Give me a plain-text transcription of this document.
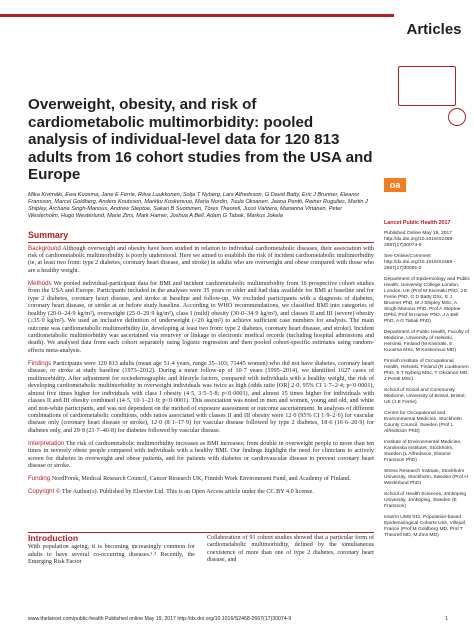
Articles
oa

Lancet Public Health 2017

Published Online May 19, 2017 http://dx.doi.org/10.1016/S2468-2667(17)30074-9

See Online/Comment http://dx.doi.org/10.1016/S2468-2667(17)30091-2

Department of Epidemiology and Public Health, University College London, London, UK (Prof M Kivimäki PhD, J E Ferrie PhD, G D Batty DSc, E J Brunner PhD, M J Shipley MSc, A Singh-Manoux PhD, Prof A Steptoe DPhil, Prof M Hamer PhD, J A Bell PhD, A G Tabak PhD)

Department of Public Health, Faculty of Medicine, University of Helsinki, Helsinki, Finland (M Kivimäki, E Kuosma MSc, M Koskenvuo MD)

Finnish Institute of Occupational Health, Helsinki, Finland (R Luukkonen PhD, S T Nyberg MSc, T Oksanen MD, J Pentti MSc)

School of Social and Community Medicine, University of Bristol, Bristol, UK (J E Ferrie)

Centre for Occupational and Environmental Medicine, Stockholm County Council, Sweden (Prof L Alfredsson PhD)

Institute of Environmental Medicine, Karolinska Institutet, Stockholm, Sweden (L Alfredsson, Eleanor Fransson PhD)

Stress Research Institute, Stockholm University, Stockholm, Sweden (Prof H Westerlund PhD)

School of Health Sciences, Jönköping University, Jönköping, Sweden (E Fransson)

Inserm UMS 011, Population-based Epidemiological Cohorts Unit, Villejuif, France (Prof M Goldberg MD, Prof T Theorell MD, M Zins MD)

Overweight, obesity, and risk of cardiometabolic multimorbidity: pooled analysis of individual-level data for 120 813 adults from 16 cohort studies from the USA and Europe
Mika Kivimäki, Ewa Kuosma, Jane E Ferrie, Ritva Luukkonen, Solja T Nyberg, Lars Alfredsson, G David Batty, Eric J Brunner, Eleanor Fransson, Marcel Goldberg, Anders Knutsson, Markku Koskenvuo, Maria Nordin, Tuula Oksanen, Jaana Pentti, Reiner Rugulies, Martin J Shipley, Archana Singh-Manoux, Andrew Steptoe, Sakari B Suominen, Töres Theorell, Jussi Vahtera, Marianna Virtanen, Peter Westerholm, Hugo Westerlund, Marie Zins, Mark Hamer, Joshua A Bell, Adam G Tabak, Markus Jokela
Summary

Background Although overweight and obesity have been studied in relation to individual cardiometabolic diseases, their association with risk of cardiometabolic multimorbidity is poorly understood. Here we aimed to establish the risk of incident cardiometabolic multimorbidity (ie, at least two from: type 2 diabetes, coronary heart disease, and stroke) in adults who are overweight and obese compared with those who are a healthy weight.

Methods We pooled individual-participant data for BMI and incident cardiometabolic multimorbidity from 16 prospective cohort studies from the USA and Europe. Participants included in the analyses were 35 years or older and had data available for BMI at baseline and for type 2 diabetes, coronary heart disease, and stroke at baseline and follow-up. We excluded participants with a diagnosis of diabetes, coronary heart disease, or stroke at or before study baseline. According to WHO recommendations, we classified BMI into categories of healthy (20·0–24·9 kg/m²), overweight (25·0–29·9 kg/m²), class I (mild) obesity (30·0–34·9 kg/m²), and classes II and III (severe) obesity (≥35·0 kg/m²). We used an inclusive definition of underweight (<20 kg/m²) to achieve sufficient case numbers for analysis. The main outcome was cardiometabolic multimorbidity (ie, developing at least two from: type 2 diabetes, coronary heart disease, and stroke). Incident cardiometabolic multimorbidity was ascertained via resurvey or linkage to electronic medical records (including hospital admissions and death). We analysed data from each cohort separately using logistic regression and then pooled cohort-specific estimates using random-effects meta-analysis.

Findings Participants were 120 813 adults (mean age 51·4 years, range 35–103; 71445 women) who did not have diabetes, coronary heart disease, or stroke at study baseline (1973–2012). During a mean follow-up of 10·7 years (1995–2014), we identified 1627 cases of multimorbidity. After adjustment for sociodemographic and lifestyle factors, compared with individuals with a healthy weight, the risk of developing cardiometabolic multimorbidity in overweight individuals was twice as high (odds ratio [OR] 2·0, 95% CI 1·7–2·4; p<0·0001), almost five times higher for individuals with class I obesity (4·5, 3·5–5·8; p<0·0001), and almost 15 times higher for individuals with classes II and III obesity combined (14·5, 10·1–21·0; p<0·0001). This association was noted in men and women, young and old, and white and non-white participants, and was not dependent on the method of exposure assessment or outcome ascertainment. In analyses of different combinations of cardiometabolic conditions, odds ratios associated with classes II and III obesity were 12·0 (95% CI 1·9–2·6) for vascular disease only (coronary heart disease or stroke), 12·0 (8·1–17·9) for vascular disease followed by type 2 diabetes, 18·6 (16·6–20·9) for diabetes only, and 29·8 (21·7–40·8) for diabetes followed by vascular disease.

Interpretation The risk of cardiometabolic multimorbidity increases as BMI increases; from double in overweight people to more than ten times in severely obese people compared with individuals with a healthy BMI. Our findings highlight the need for clinicians to actively screen for diabetes in overweight and obese patients, and for patients with diabetes or cardiovascular disease to prevent coronary heart disease or stroke.

Funding NordForsk, Medical Research Council, Cancer Research UK, Finnish Work Environment Fund, and Academy of Finland.

Copyright © The Author(s). Published by Elsevier Ltd. This is an Open Access article under the CC BY 4.0 license.

Introduction
With population ageing, it is becoming increasingly common for adults to have several co-occurring diseases.¹˒² Recently, the Emerging Risk Factor
Collaboration of 91 cohort studies showed that a particular form of cardiometabolic multimorbidity, defined by the simultaneous coexistence of more than one of type 2 diabetes, coronary heart disease, and
www.thelancet.com/public-health Published online May 19, 2017 http://dx.doi.org/10.1016/S2468-2667(17)30074-9	1
